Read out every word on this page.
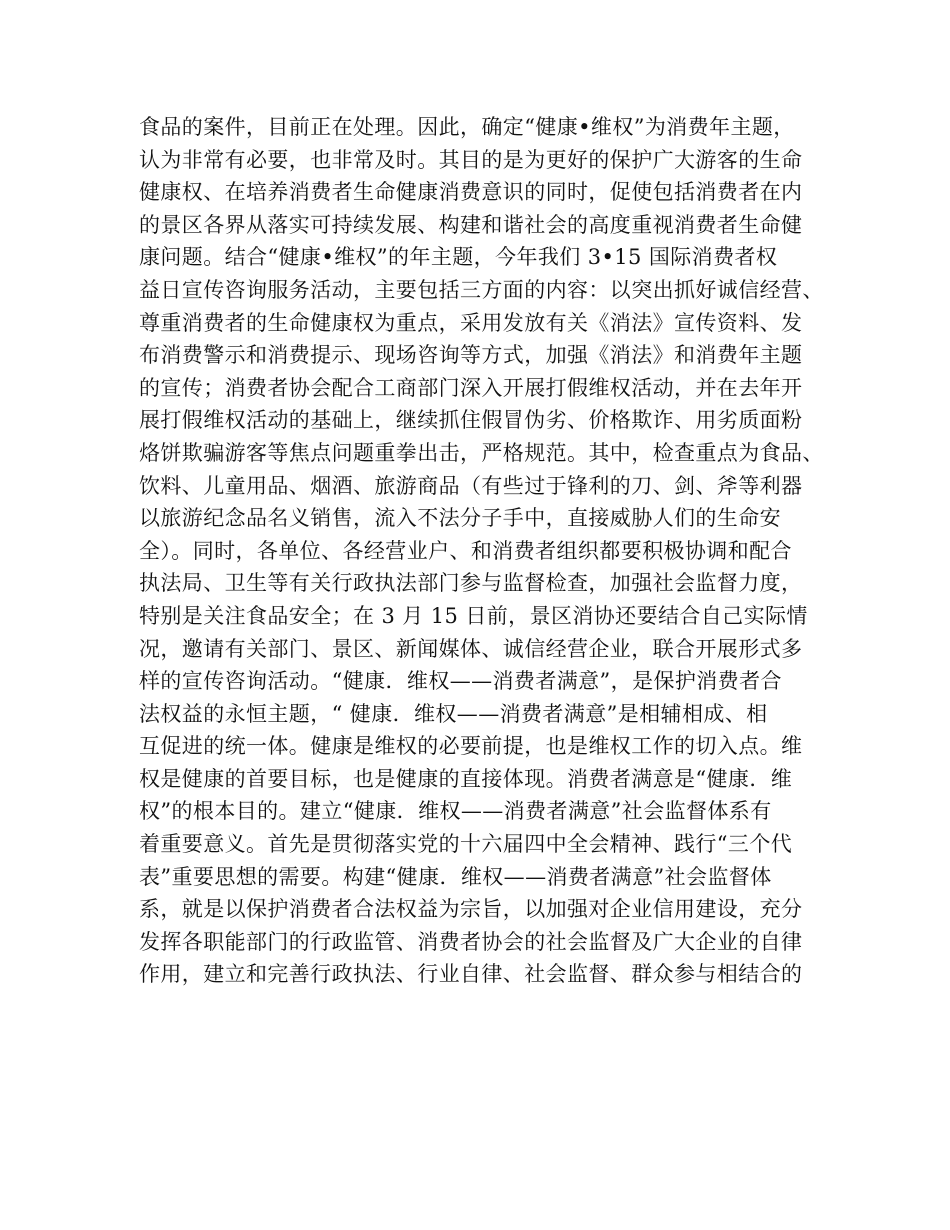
食品的案件，目前正在处理。因此，确定“健康•维权”为消费年主题，
认为非常有必要，也非常及时。其目的是为更好的保护广大游客的生命
健康权、在培养消费者生命健康消费意识的同时，促使包括消费者在内
的景区各界从落实可持续发展、构建和谐社会的高度重视消费者生命健
康问题。结合“健康•维权”的年主题，今年我们 3•15 国际消费者权
益日宣传咨询服务活动，主要包括三方面的内容：以突出抓好诚信经营、
尊重消费者的生命健康权为重点，采用发放有关《消法》宣传资料、发
布消费警示和消费提示、现场咨询等方式，加强《消法》和消费年主题
的宣传；消费者协会配合工商部门深入开展打假维权活动，并在去年开
展打假维权活动的基础上，继续抓住假冒伪劣、价格欺诈、用劣质面粉
烙饼欺骗游客等焦点问题重拳出击，严格规范。其中，检查重点为食品、
饮料、儿童用品、烟酒、旅游商品（有些过于锋利的刀、剑、斧等利器
以旅游纪念品名义销售，流入不法分子手中，直接威胁人们的生命安
全）。同时，各单位、各经营业户、和消费者组织都要积极协调和配合
执法局、卫生等有关行政执法部门参与监督检查，加强社会监督力度，
特别是关注食品安全；在 3 月 15 日前，景区消协还要结合自己实际情
况，邀请有关部门、景区、新闻媒体、诚信经营企业，联合开展形式多
样的宣传咨询活动。“健康．维权——消费者满意”，是保护消费者合
法权益的永恒主题，“ 健康．维权——消费者满意”是相辅相成、相
互促进的统一体。健康是维权的必要前提，也是维权工作的切入点。维
权是健康的首要目标，也是健康的直接体现。消费者满意是“健康．维
权”的根本目的。建立“健康．维权——消费者满意”社会监督体系有
着重要意义。首先是贯彻落实党的十六届四中全会精神、践行“三个代
表”重要思想的需要。构建“健康．维权——消费者满意”社会监督体
系，就是以保护消费者合法权益为宗旨，以加强对企业信用建设，充分
发挥各职能部门的行政监管、消费者协会的社会监督及广大企业的自律
作用，建立和完善行政执法、行业自律、社会监督、群众参与相结合的
